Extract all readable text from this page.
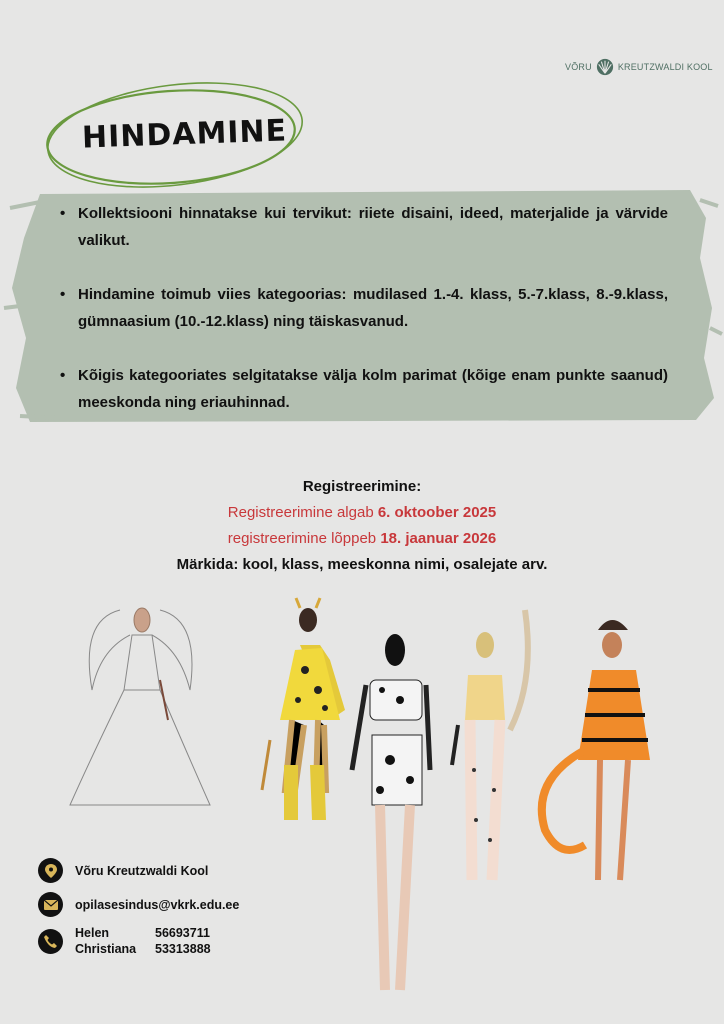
VÕRU	KREUTZWALDI KOOL
HINDAMINE
• Kollektsiooni hinnatakse kui tervikut: riiete disaini, ideed, materjalide ja värvide valikut.
• Hindamine toimub viies kategoorias: mudilased 1.-4. klass, 5.-7.klass, 8.-9.klass, gümnaasium (10.-12.klass) ning täiskasvanud.
• Kõigis kategooriates selgitatakse välja kolm parimat (kõige enam punkte saanud) meeskonda ning eriauhinnad.
Registreerimine:
Registreerimine algab 6. oktoober 2025
registreerimine lõppeb 18. jaanuar 2026
Märkida: kool, klass, meeskonna nimi, osalejate arv.
Võru Kreutzwaldi Kool
opilasesindus@vkrk.edu.ee
Helen	56693711
Christiana	53313888
